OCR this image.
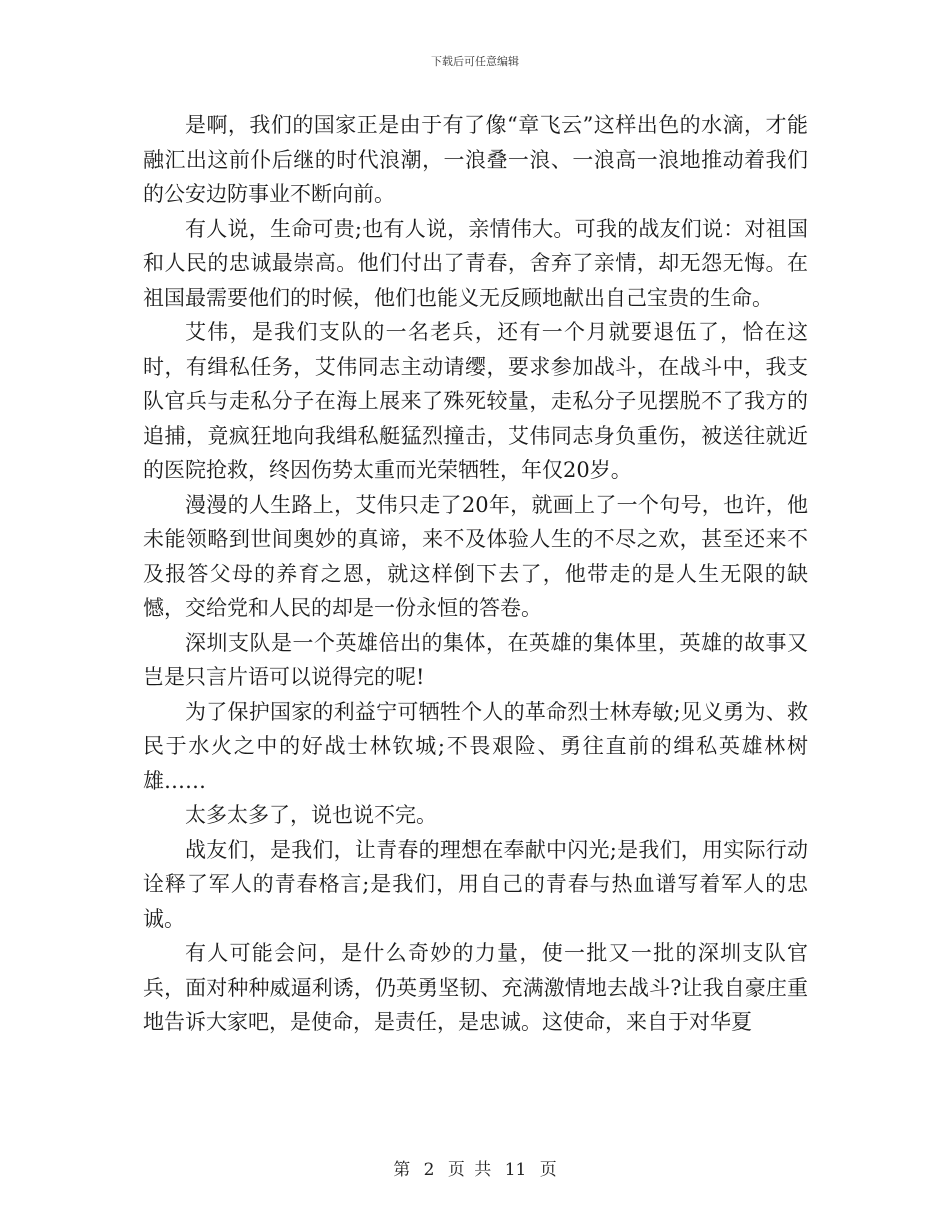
下载后可任意编辑

是啊，我们的国家正是由于有了像“章飞云”这样出色的水滴，才能融汇出这前仆后继的时代浪潮，一浪叠一浪、一浪高一浪地推动着我们的公安边防事业不断向前。

有人说，生命可贵;也有人说，亲情伟大。可我的战友们说：对祖国和人民的忠诚最崇高。他们付出了青春，舍弃了亲情，却无怨无悔。在祖国最需要他们的时候，他们也能义无反顾地献出自己宝贵的生命。

艾伟，是我们支队的一名老兵，还有一个月就要退伍了，恰在这时，有缉私任务，艾伟同志主动请缨，要求参加战斗，在战斗中，我支队官兵与走私分子在海上展来了殊死较量，走私分子见摆脱不了我方的追捕，竟疯狂地向我缉私艇猛烈撞击，艾伟同志身负重伤，被送往就近的医院抢救，终因伤势太重而光荣牺牲，年仅20岁。

漫漫的人生路上，艾伟只走了20年，就画上了一个句号，也许，他未能领略到世间奥妙的真谛，来不及体验人生的不尽之欢，甚至还来不及报答父母的养育之恩，就这样倒下去了，他带走的是人生无限的缺憾，交给党和人民的却是一份永恒的答卷。

深圳支队是一个英雄倍出的集体，在英雄的集体里，英雄的故事又岂是只言片语可以说得完的呢!

为了保护国家的利益宁可牺牲个人的革命烈士林寿敏;见义勇为、救民于水火之中的好战士林钦城;不畏艰险、勇往直前的缉私英雄林树雄……

太多太多了，说也说不完。

战友们，是我们，让青春的理想在奉献中闪光;是我们，用实际行动诠释了军人的青春格言;是我们，用自己的青春与热血谱写着军人的忠诚。

有人可能会问，是什么奇妙的力量，使一批又一批的深圳支队官兵，面对种种威逼利诱，仍英勇坚韧、充满激情地去战斗?让我自豪庄重地告诉大家吧，是使命，是责任，是忠诚。这使命，来自于对华夏

第 2 页 共 11 页
